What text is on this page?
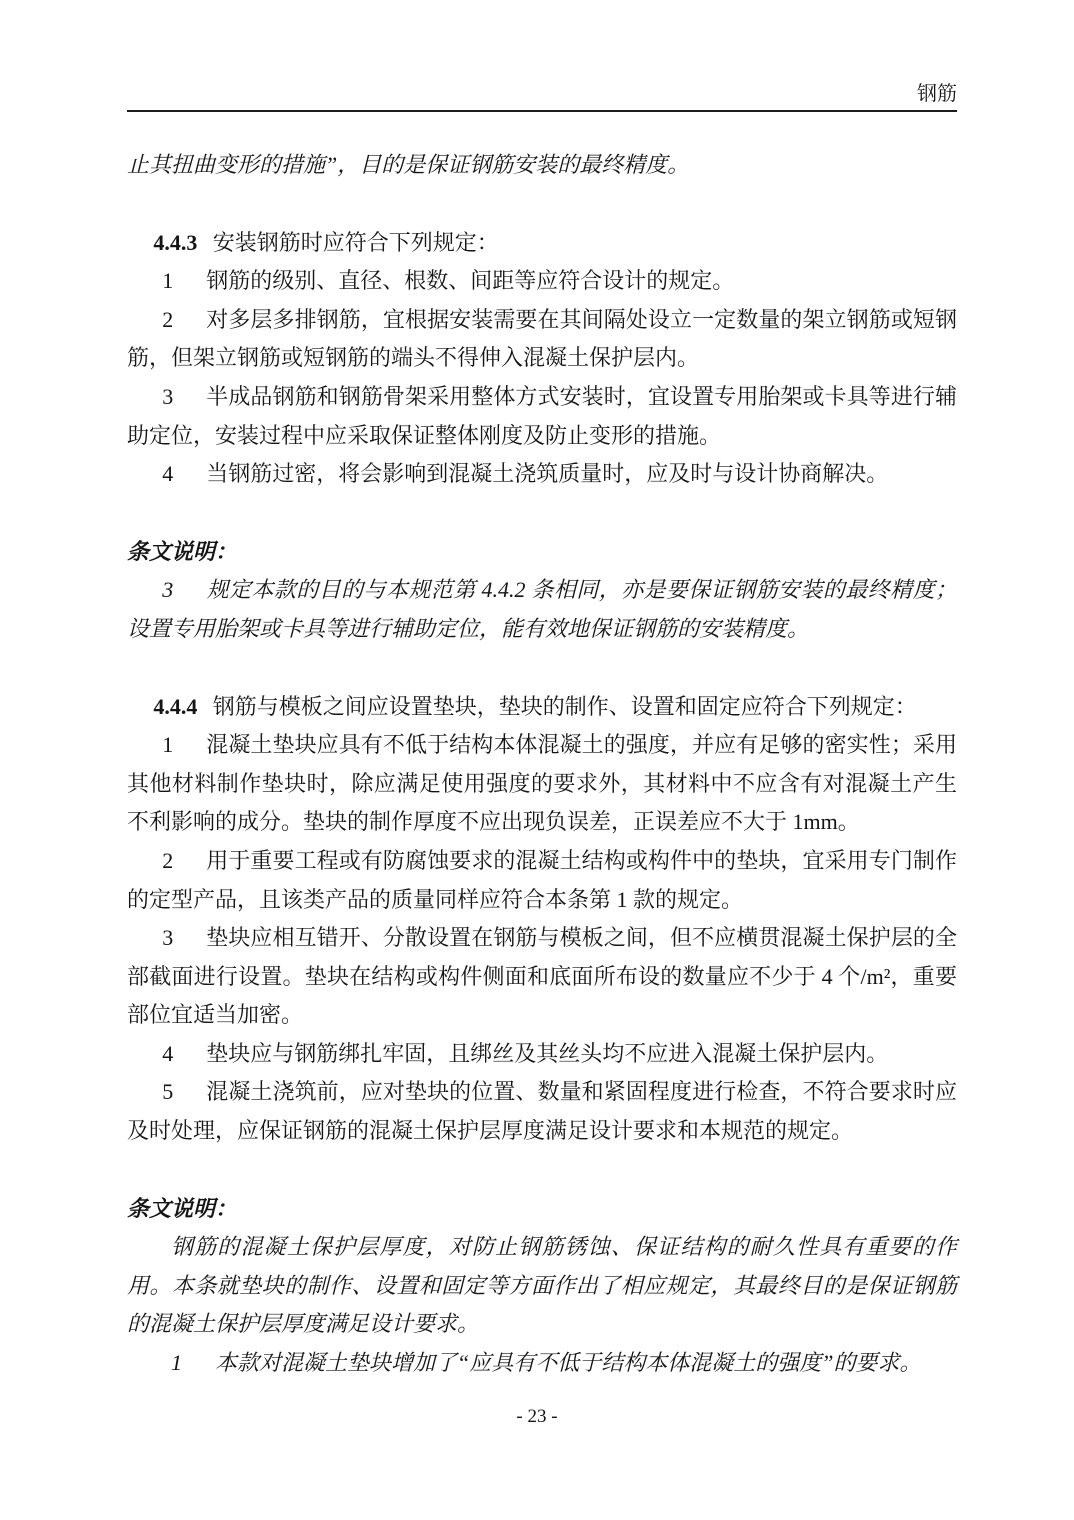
钢筋

止其扭曲变形的措施”，目的是保证钢筋安装的最终精度。

4.4.3 安装钢筋时应符合下列规定：

1 钢筋的级别、直径、根数、间距等应符合设计的规定。

2 对多层多排钢筋，宜根据安装需要在其间隔处设立一定数量的架立钢筋或短钢筋，但架立钢筋或短钢筋的端头不得伸入混凝土保护层内。

3 半成品钢筋和钢筋骨架采用整体方式安装时，宜设置专用胎架或卡具等进行辅助定位，安装过程中应采取保证整体刚度及防止变形的措施。

4 当钢筋过密，将会影响到混凝土浇筑质量时，应及时与设计协商解决。

条文说明：

3 规定本款的目的与本规范第 4.4.2 条相同，亦是要保证钢筋安装的最终精度；设置专用胎架或卡具等进行辅助定位，能有效地保证钢筋的安装精度。

4.4.4 钢筋与模板之间应设置垫块，垫块的制作、设置和固定应符合下列规定：

1 混凝土垫块应具有不低于结构本体混凝土的强度，并应有足够的密实性；采用其他材料制作垫块时，除应满足使用强度的要求外，其材料中不应含有对混凝土产生不利影响的成分。垫块的制作厚度不应出现负误差，正误差应不大于 1mm。

2 用于重要工程或有防腐蚀要求的混凝土结构或构件中的垫块，宜采用专门制作的定型产品，且该类产品的质量同样应符合本条第 1 款的规定。

3 垫块应相互错开、分散设置在钢筋与模板之间，但不应横贯混凝土保护层的全部截面进行设置。垫块在结构或构件侧面和底面所布设的数量应不少于 4 个/m²，重要部位宜适当加密。

4 垫块应与钢筋绑扎牢固，且绑丝及其丝头均不应进入混凝土保护层内。

5 混凝土浇筑前，应对垫块的位置、数量和紧固程度进行检查，不符合要求时应及时处理，应保证钢筋的混凝土保护层厚度满足设计要求和本规范的规定。

条文说明：

钢筋的混凝土保护层厚度，对防止钢筋锈蚀、保证结构的耐久性具有重要的作用。本条就垫块的制作、设置和固定等方面作出了相应规定，其最终目的是保证钢筋的混凝土保护层厚度满足设计要求。

1 本款对混凝土垫块增加了“应具有不低于结构本体混凝土的强度”的要求。

- 23 -
